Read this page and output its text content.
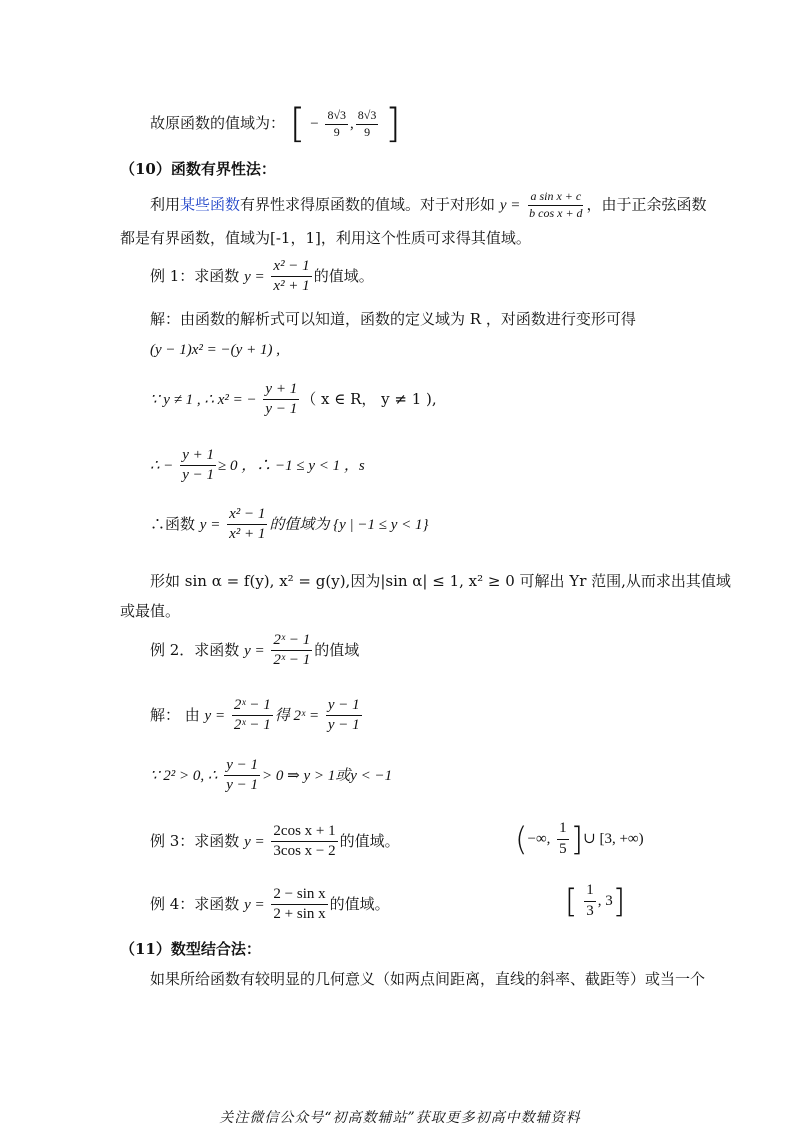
故原函数的值域为： [ − $\frac{8√3}{9}$ , $\frac{8√3}{9}$ ]
（10）函数有界性法：
利用某些函数有界性求得原函数的值域。对于对形如 $y = \frac{\text{a sin x + c}}{\text{b cos x + d}}$ ，由于正余弦函数
都是有界函数，值域为[-1，1]，利用这个性质可求得其值域。
例 1：求函数 $y = \frac{\text{x² − 1}}{\text{x² + 1}}$ 的值域。
解：由函数的解析式可以知道，函数的定义域为 R ，对函数进行变形可得
(y − 1)x² = −(y + 1) ,
∵ y ≠ 1 , ∴ x² = − $\frac{y + 1}{y - 1}$ （ x ∈ R， y ≠ 1 ),
∴ − $\frac{y + 1}{y - 1} \ge 0$ ，∴ −1 ≤ y < 1 ，s
∴函数 $y = \frac{\text{x² − 1}}{\text{x² + 1}}$ 的值域为 {y | −1 ≤ y < 1}
形如 sin α = f(y), x² = g(y),因为|sin α| ≤ 1, x² ≥ 0 可解出 Yr 范围,从而求出其值域
或最值。
例 2．求函数 $y = \frac{\text{2ˣ − 1}}{\text{2ˣ − 1}}$ 的值域
解： 由 $y = \frac{\text{2ˣ − 1}}{\text{2ˣ − 1}}$ 得 2ˣ = $\frac{y - 1}{y - 1}$
∵ 2² > 0, ∴ $\frac{y - 1}{y - 1} > 0$ ⇒ y > 1或y < −1
例 3：求函数 $y = \frac{\text{2cos x + 1}}{\text{3cos x − 2}}$ 的值域。	(−∞, $\frac{1}{5}$ ]∪ [3, +∞)
例 4：求函数 $y = \frac{\text{2 − sin x}}{\text{2 + sin x}}$ 的值域。	[ $\frac{1}{3}$ , 3]
（11）数型结合法：
如果所给函数有较明显的几何意义（如两点间距离，直线的斜率、截距等）或当一个
关注微信公众号“初高数辅站”获取更多初高中数辅资料
